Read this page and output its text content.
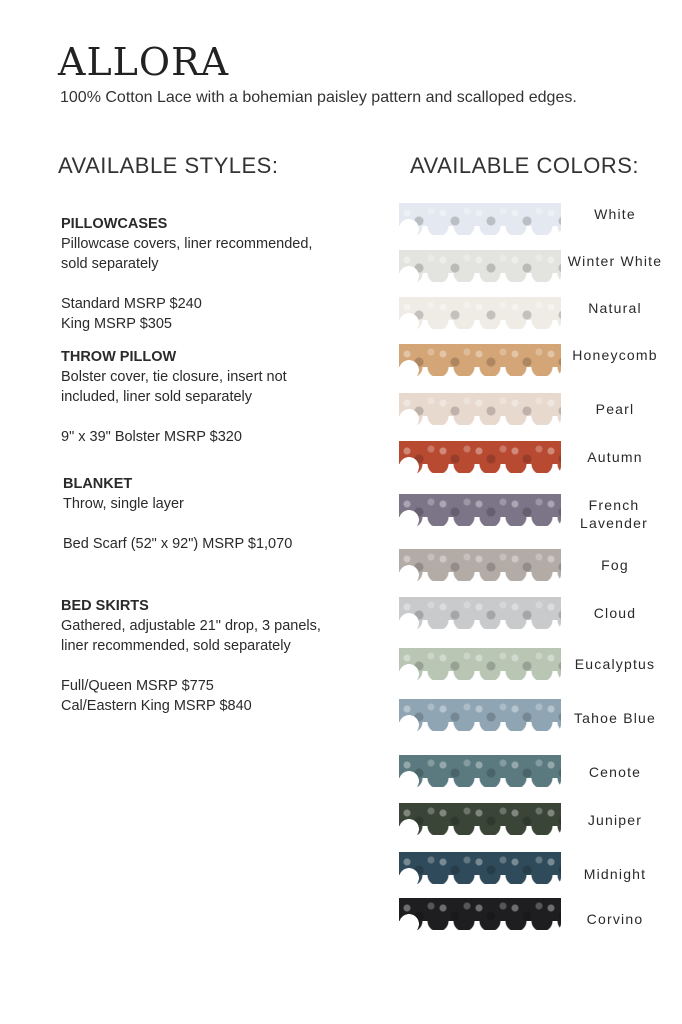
ALLORA
100% Cotton Lace with a bohemian paisley pattern and scalloped edges.
AVAILABLE STYLES:	AVAILABLE COLORS:
PILLOWCASES
Pillowcase covers, liner recommended, sold separately
Standard MSRP $240
King MSRP $305
THROW PILLOW
Bolster cover, tie closure, insert not included, liner sold separately
9" x 39" Bolster MSRP $320
BLANKET
Throw, single layer
Bed Scarf (52" x 92") MSRP $1,070
BED SKIRTS
Gathered, adjustable 21" drop, 3 panels, liner recommended, sold separately
Full/Queen MSRP $775
Cal/Eastern King MSRP $840
White
Winter White
Natural
Honeycomb
Pearl
Autumn
French Lavender
Fog
Cloud
Eucalyptus
Tahoe Blue
Cenote
Juniper
Midnight
Corvino
